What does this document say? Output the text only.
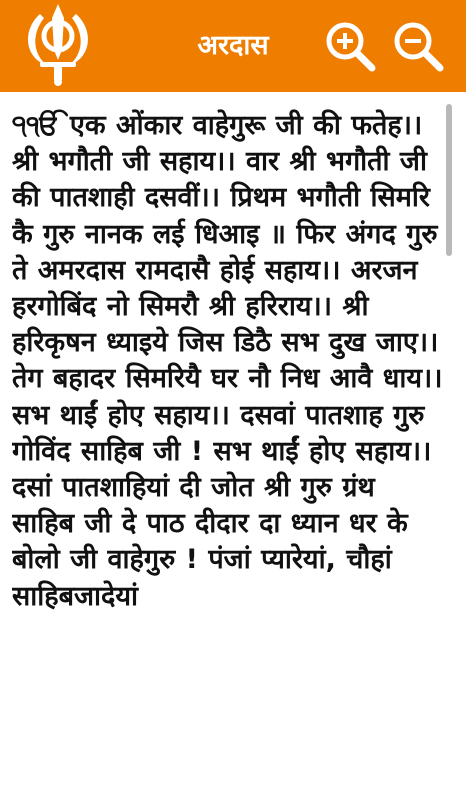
अरदास

੧ੴ एक ओंकार वाहेगुरू जी की फतेह।। श्री भगौती जी सहाय।। वार श्री भगौती जी की पातशाही दसवीं।। प्रिथम भगौती सिमरि कै गुरु नानक लई धिआइ ॥ फिर अंगद गुरु ते अमरदास रामदासै होई सहाय।। अरजन हरगोबिंद नो सिमरौ श्री हरिराय।। श्री हरिकृषन ध्याइये जिस डिठै सभ दुख जाए।। तेग बहादर सिमरियै घर नौ निध आवै धाय।। सभ थाईं होए सहाय।। दसवां पातशाह गुरु गोविंद साहिब जी ! सभ थाईं होए सहाय।। दसां पातशाहियां दी जोत श्री गुरु ग्रंथ साहिब जी दे पाठ दीदार दा ध्यान धर के बोलो जी वाहेगुरु ! पंजां प्यारेयां, चौहां साहिबजादेयां
